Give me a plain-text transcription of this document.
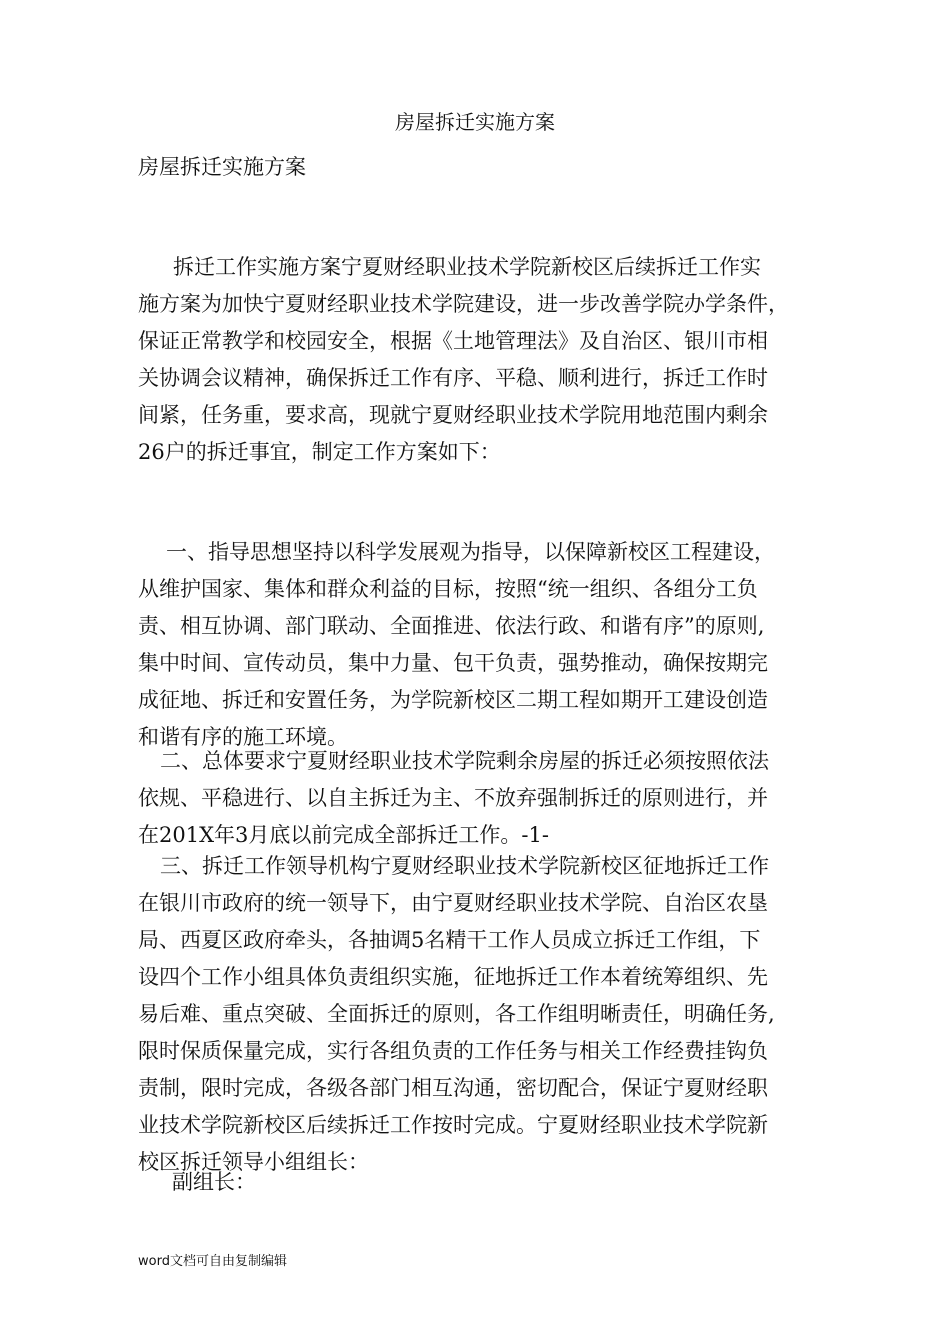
房屋拆迁实施方案
房屋拆迁实施方案

　拆迁工作实施方案宁夏财经职业技术学院新校区后续拆迁工作实
施方案为加快宁夏财经职业技术学院建设，进一步改善学院办学条件，
保证正常教学和校园安全，根据《土地管理法》及自治区、银川市相
关协调会议精神，确保拆迁工作有序、平稳、顺利进行，拆迁工作时
间紧，任务重，要求高，现就宁夏财经职业技术学院用地范围内剩余
26户的拆迁事宜，制定工作方案如下：

一、指导思想坚持以科学发展观为指导，以保障新校区工程建设，
从维护国家、集体和群众利益的目标，按照“统一组织、各组分工负
责、相互协调、部门联动、全面推进、依法行政、和谐有序”的原则,
集中时间、宣传动员，集中力量、包干负责，强势推动，确保按期完
成征地、拆迁和安置任务，为学院新校区二期工程如期开工建设创造
和谐有序的施工环境。

二、总体要求宁夏财经职业技术学院剩余房屋的拆迁必须按照依法
依规、平稳进行、以自主拆迁为主、不放弃强制拆迁的原则进行，并
在201X年3月底以前完成全部拆迁工作。-1-

三、拆迁工作领导机构宁夏财经职业技术学院新校区征地拆迁工作
在银川市政府的统一领导下，由宁夏财经职业技术学院、自治区农垦
局、西夏区政府牵头，各抽调5名精干工作人员成立拆迁工作组，下
设四个工作小组具体负责组织实施，征地拆迁工作本着统筹组织、先
易后难、重点突破、全面拆迁的原则，各工作组明晰责任，明确任务,
限时保质保量完成，实行各组负责的工作任务与相关工作经费挂钩负
责制，限时完成，各级各部门相互沟通，密切配合，保证宁夏财经职
业技术学院新校区后续拆迁工作按时完成。宁夏财经职业技术学院新
校区拆迁领导小组组长：

副组长：

word文档可自由复制编辑
